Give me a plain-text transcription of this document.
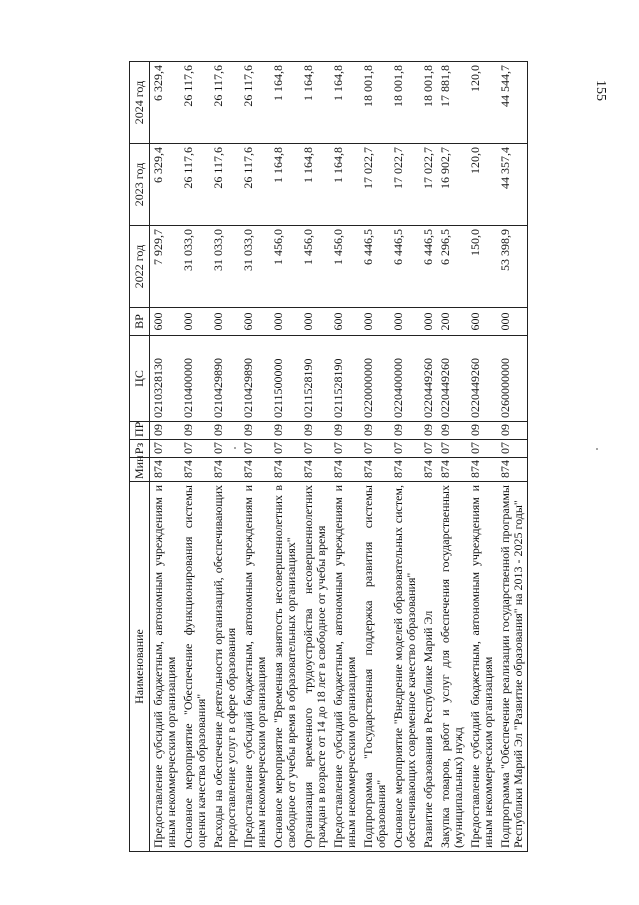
155
Наименование	Мин	Рз	ПР	ЦС	ВР	2022 год	2023 год	2024 год
Предоставление субсидий бюджетным, автономным учреждениям и иным некоммерческим организациям	874	07	09	0210328130	600	7 929,7	6 329,4	6 329,4
Основное мероприятие "Обеспечение функционирования системы оценки качества образования"	874	07	09	0210400000	000	31 033,0	26 117,6	26 117,6
Расходы на обеспечение деятельности организаций, обеспечивающих предоставление услуг в сфере образования	874	07	09	0210429890	000	31 033,0	26 117,6	26 117,6
Предоставление субсидий бюджетным, автономным учреждениям и иным некоммерческим организациям	874	07	09	0210429890	600	31 033,0	26 117,6	26 117,6
Основное мероприятие "Временная занятость несовершеннолетних в свободное от учебы время в образовательных организациях"	874	07	09	0211500000	000	1 456,0	1 164,8	1 164,8
Организация временного трудоустройства несовершеннолетних граждан в возрасте от 14 до 18 лет в свободное от учебы время	874	07	09	0211528190	000	1 456,0	1 164,8	1 164,8
Предоставление субсидий бюджетным, автономным учреждениям и иным некоммерческим организациям	874	07	09	0211528190	600	1 456,0	1 164,8	1 164,8
Подпрограмма "Государственная поддержка развития системы образования"	874	07	09	0220000000	000	6 446,5	17 022,7	18 001,8
Основное мероприятие "Внедрение моделей образовательных систем, обеспечивающих современное качество образования"	874	07	09	0220400000	000	6 446,5	17 022,7	18 001,8
Развитие образования в Республике Марий Эл	874	07	09	0220449260	000	6 446,5	17 022,7	18 001,8
Закупка товаров, работ и услуг для обеспечения государственных (муниципальных) нужд	874	07	09	0220449260	200	6 296,5	16 902,7	17 881,8
Предоставление субсидий бюджетным, автономным учреждениям и иным некоммерческим организациям	874	07	09	0220449260	600	150,0	120,0	120,0
Подпрограмма "Обеспечение реализации государственной программы Республики Марий Эл "Развитие образования" на 2013 - 2025 годы"	874	07	09	0260000000	000	53 398,9	44 357,4	44 544,7
